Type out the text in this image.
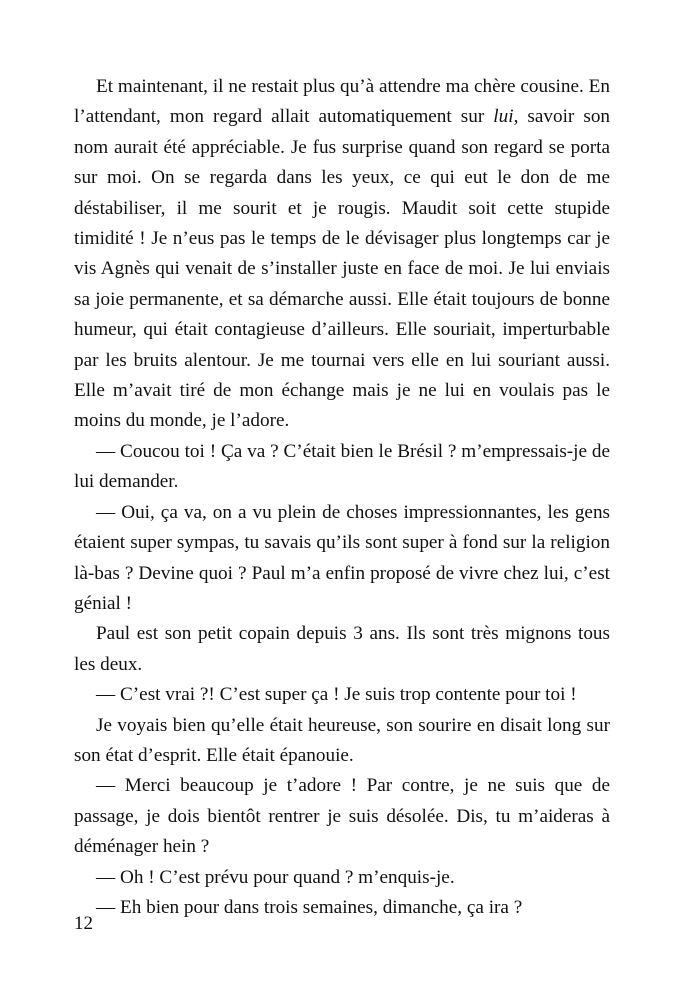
Et maintenant, il ne restait plus qu’à attendre ma chère cousine. En l’attendant, mon regard allait automatiquement sur lui, savoir son nom aurait été appréciable. Je fus surprise quand son regard se porta sur moi. On se regarda dans les yeux, ce qui eut le don de me déstabiliser, il me sourit et je rougis. Maudit soit cette stupide timidité ! Je n’eus pas le temps de le dévisager plus longtemps car je vis Agnès qui venait de s’installer juste en face de moi. Je lui enviais sa joie permanente, et sa démarche aussi. Elle était toujours de bonne humeur, qui était contagieuse d’ailleurs. Elle souriait, imperturbable par les bruits alentour. Je me tournai vers elle en lui souriant aussi. Elle m’avait tiré de mon échange mais je ne lui en voulais pas le moins du monde, je l’adore.

— Coucou toi ! Ça va ? C’était bien le Brésil ? m’empressais-je de lui demander.

— Oui, ça va, on a vu plein de choses impressionnantes, les gens étaient super sympas, tu savais qu’ils sont super à fond sur la religion là-bas ? Devine quoi ? Paul m’a enfin proposé de vivre chez lui, c’est génial !

Paul est son petit copain depuis 3 ans. Ils sont très mignons tous les deux.

— C’est vrai ?! C’est super ça ! Je suis trop contente pour toi !

Je voyais bien qu’elle était heureuse, son sourire en disait long sur son état d’esprit. Elle était épanouie.

— Merci beaucoup je t’adore ! Par contre, je ne suis que de passage, je dois bientôt rentrer je suis désolée. Dis, tu m’aideras à déménager hein ?

— Oh ! C’est prévu pour quand ? m’enquis-je.

— Eh bien pour dans trois semaines, dimanche, ça ira ?

12
